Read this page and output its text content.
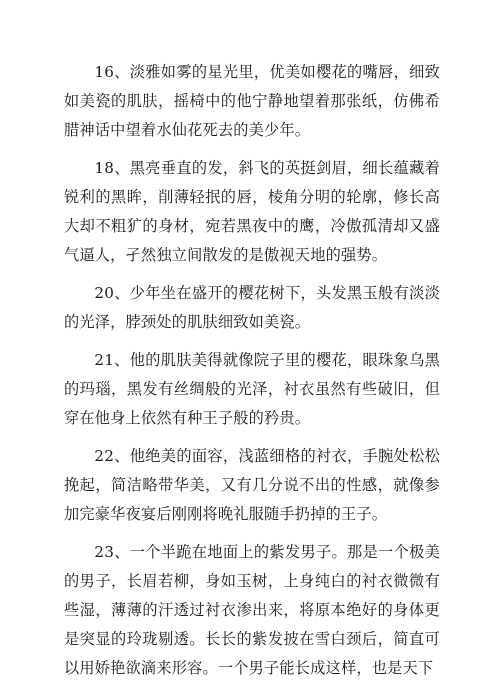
16、淡雅如雾的星光里，优美如樱花的嘴唇，细致如美瓷的肌肤，摇椅中的他宁静地望着那张纸，仿佛希腊神话中望着水仙花死去的美少年。

18、黑亮垂直的发，斜飞的英挺剑眉，细长蕴藏着锐利的黑眸，削薄轻抿的唇，棱角分明的轮廓，修长高大却不粗犷的身材，宛若黑夜中的鹰，冷傲孤清却又盛气逼人，孑然独立间散发的是傲视天地的强势。

20、少年坐在盛开的樱花树下，头发黑玉般有淡淡的光泽，脖颈处的肌肤细致如美瓷。

21、他的肌肤美得就像院子里的樱花，眼珠象乌黑的玛瑙，黑发有丝绸般的光泽，衬衣虽然有些破旧，但穿在他身上依然有种王子般的矜贵。

22、他绝美的面容，浅蓝细格的衬衣，手腕处松松挽起，简洁略带华美，又有几分说不出的性感，就像参加完豪华夜宴后刚刚将晚礼服随手扔掉的王子。

23、一个半跪在地面上的紫发男子。那是一个极美的男子，长眉若柳，身如玉树，上身纯白的衬衣微微有些湿，薄薄的汗透过衬衣渗出来，将原本绝好的身体更是突显的玲珑剔透。长长的紫发披在雪白颈后，简直可以用娇艳欲滴来形容。一个男子能长成这样，也是天下
